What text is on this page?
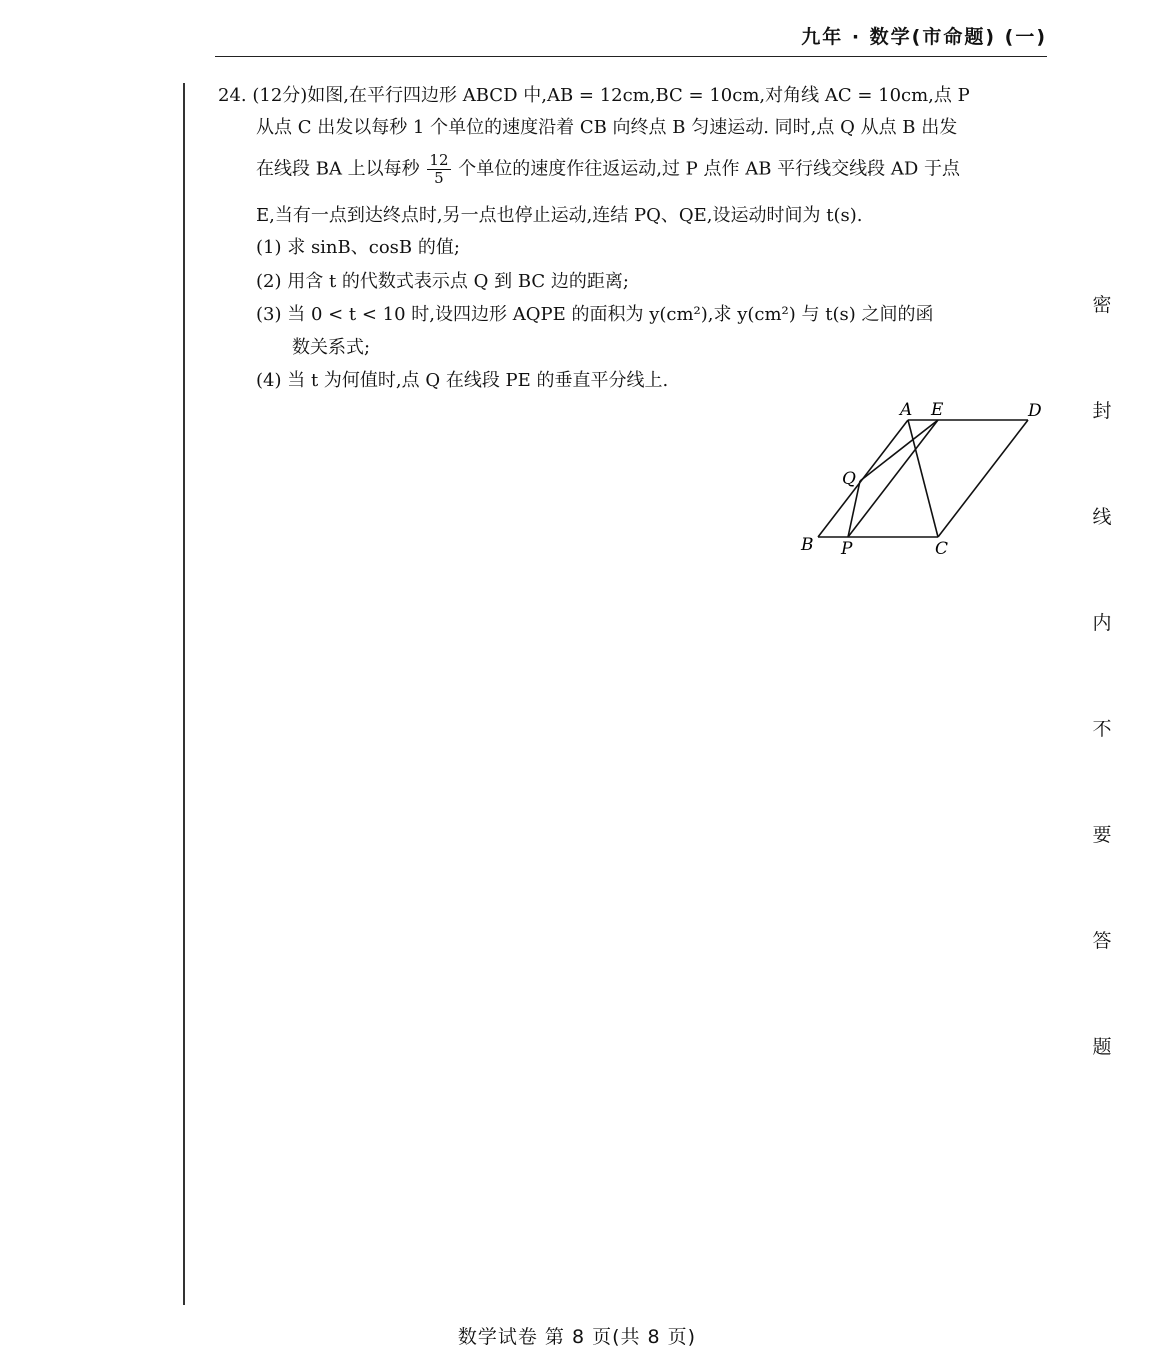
九年 · 数学(市命题) (一)
24. (12分)如图,在平行四边形 ABCD 中,AB = 12cm,BC = 10cm,对角线 AC = 10cm,点 P
从点 C 出发以每秒 1 个单位的速度沿着 CB 向终点 B 匀速运动. 同时,点 Q 从点 B 出发
在线段 BA 上以每秒 $\frac{12}{5}$ 个单位的速度作往返运动,过 P 点作 AB 平行线交线段 AD 于点
E,当有一点到达终点时,另一点也停止运动,连结 PQ、QE,设运动时间为 t(s).
(1) 求 sinB、cosB 的值;
(2) 用含 t 的代数式表示点 Q 到 BC 边的距离;
(3) 当 0 < t < 10 时,设四边形 AQPE 的面积为 y(cm²),求 y(cm²) 与 t(s) 之间的函
数关系式;
(4) 当 t 为何值时,点 Q 在线段 PE 的垂直平分线上.
A E	D
Q
B P	C
密
封
线
内
不
要
答
题
数学试卷 第 8 页(共 8 页)
